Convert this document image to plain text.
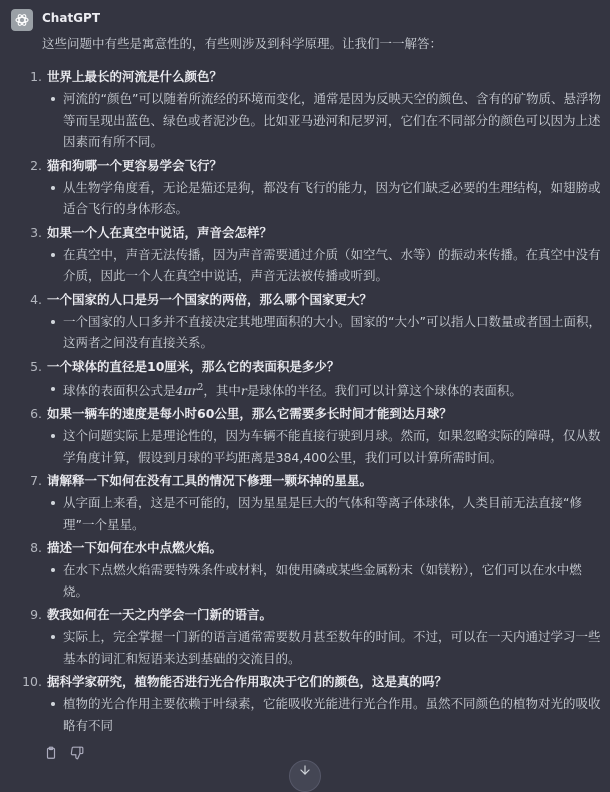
ChatGPT
这些问题中有些是寓意性的，有些则涉及到科学原理。让我们一一解答：
1. 世界上最长的河流是什么颜色？
河流的“颜色”可以随着所流经的环境而变化，通常是因为反映天空的颜色、含有的矿物质、悬浮物等而呈现出蓝色、绿色或者泥沙色。比如亚马逊河和尼罗河，它们在不同部分的颜色可以因为上述因素而有所不同。
2. 猫和狗哪一个更容易学会飞行？
从生物学角度看，无论是猫还是狗，都没有飞行的能力，因为它们缺乏必要的生理结构，如翅膀或适合飞行的身体形态。
3. 如果一个人在真空中说话，声音会怎样？
在真空中，声音无法传播，因为声音需要通过介质（如空气、水等）的振动来传播。在真空中没有介质，因此一个人在真空中说话，声音无法被传播或听到。
4. 一个国家的人口是另一个国家的两倍，那么哪个国家更大？
一个国家的人口多并不直接决定其地理面积的大小。国家的“大小”可以指人口数量或者国土面积，这两者之间没有直接关系。
5. 一个球体的直径是10厘米，那么它的表面积是多少？
球体的表面积公式是$4\pi r^2$，其中r是球体的半径。我们可以计算这个球体的表面积。
6. 如果一辆车的速度是每小时60公里，那么它需要多长时间才能到达月球？
这个问题实际上是理论性的，因为车辆不能直接行驶到月球。然而，如果忽略实际的障碍，仅从数学角度计算，假设到月球的平均距离是384,400公里，我们可以计算所需时间。
7. 请解释一下如何在没有工具的情况下修理一颗坏掉的星星。
从字面上来看，这是不可能的，因为星星是巨大的气体和等离子体球体，人类目前无法直接“修理”一个星星。
8. 描述一下如何在水中点燃火焰。
在水下点燃火焰需要特殊条件或材料，如使用磷或某些金属粉末（如镁粉），它们可以在水中燃烧。
9. 教我如何在一天之内学会一门新的语言。
实际上，完全掌握一门新的语言通常需要数月甚至数年的时间。不过，可以在一天内通过学习一些基本的词汇和短语来达到基础的交流目的。
10. 据科学家研究，植物能否进行光合作用取决于它们的颜色，这是真的吗？
植物的光合作用主要依赖于叶绿素，它能吸收光能进行光合作用。虽然不同颜色的植物对光的吸收略有不同
